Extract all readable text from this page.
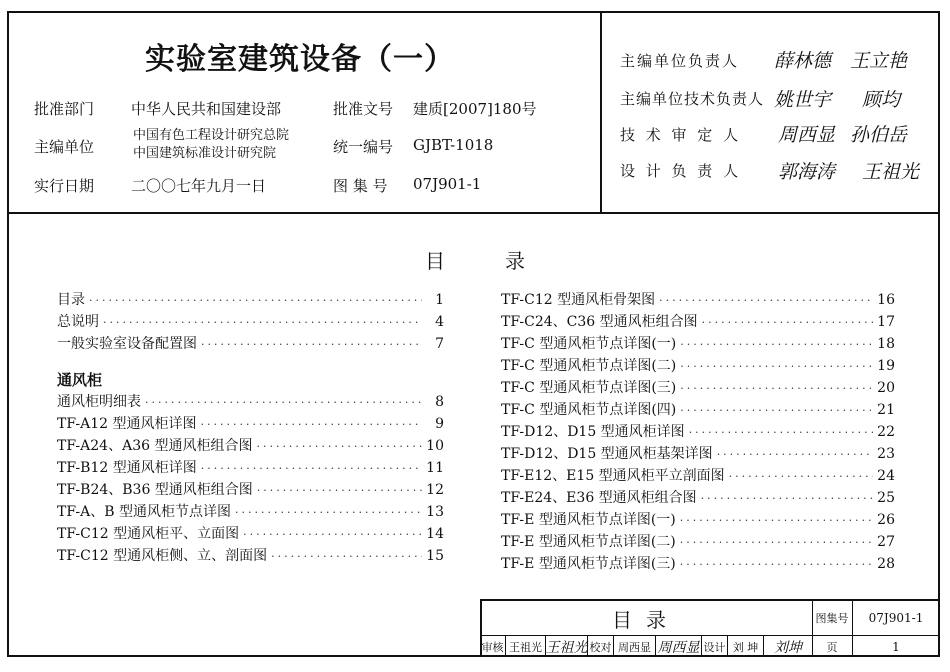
实验室建筑设备（一）
批准部门 中华人民共和国建设部
主编单位
中国有色工程设计研究总院
中国建筑标准设计研究院
实行日期 二〇〇七年九月一日
批准文号 建质[2007]180号
统一编号 GJBT-1018
图 集 号 07J901-1
主编单位负责人 薛林德 王立艳
主编单位技术负责人 姚世宇 顾均
技 术 审 定 人 周西显 孙伯岳
设 计 负 责 人 郭海涛 王祖光
目	录
目录 ·····	1
总说明 ·····	4
一般实验室设备配置图 ·····	7
通风柜
通风柜明细表 ·····	8
TF-A12 型通风柜详图 ·····	9
TF-A24、A36 型通风柜组合图 ·····	10
TF-B12 型通风柜详图 ·····	11
TF-B24、B36 型通风柜组合图 ·····	12
TF-A、B 型通风柜节点详图 ·····	13
TF-C12 型通风柜平、立面图 ·····	14
TF-C12 型通风柜侧、立、剖面图 ·····	15
TF-C12 型通风柜骨架图 ·····	16
TF-C24、C36 型通风柜组合图 ·····	17
TF-C 型通风柜节点详图(一) ·····	18
TF-C 型通风柜节点详图(二) ·····	19
TF-C 型通风柜节点详图(三) ·····	20
TF-C 型通风柜节点详图(四) ·····	21
TF-D12、D15 型通风柜详图 ·····	22
TF-D12、D15 型通风柜基架详图 ·····	23
TF-E12、E15 型通风柜平立剖面图 ·····	24
TF-E24、E36 型通风柜组合图 ·····	25
TF-E 型通风柜节点详图(一) ·····	26
TF-E 型通风柜节点详图(二) ·····	27
TF-E 型通风柜节点详图(三) ·····	28
目录	图集号	07J901-1
审核 王祖光 王祖光 校对 周西显 周西显 设计 刘 坤	刘坤	页	1
